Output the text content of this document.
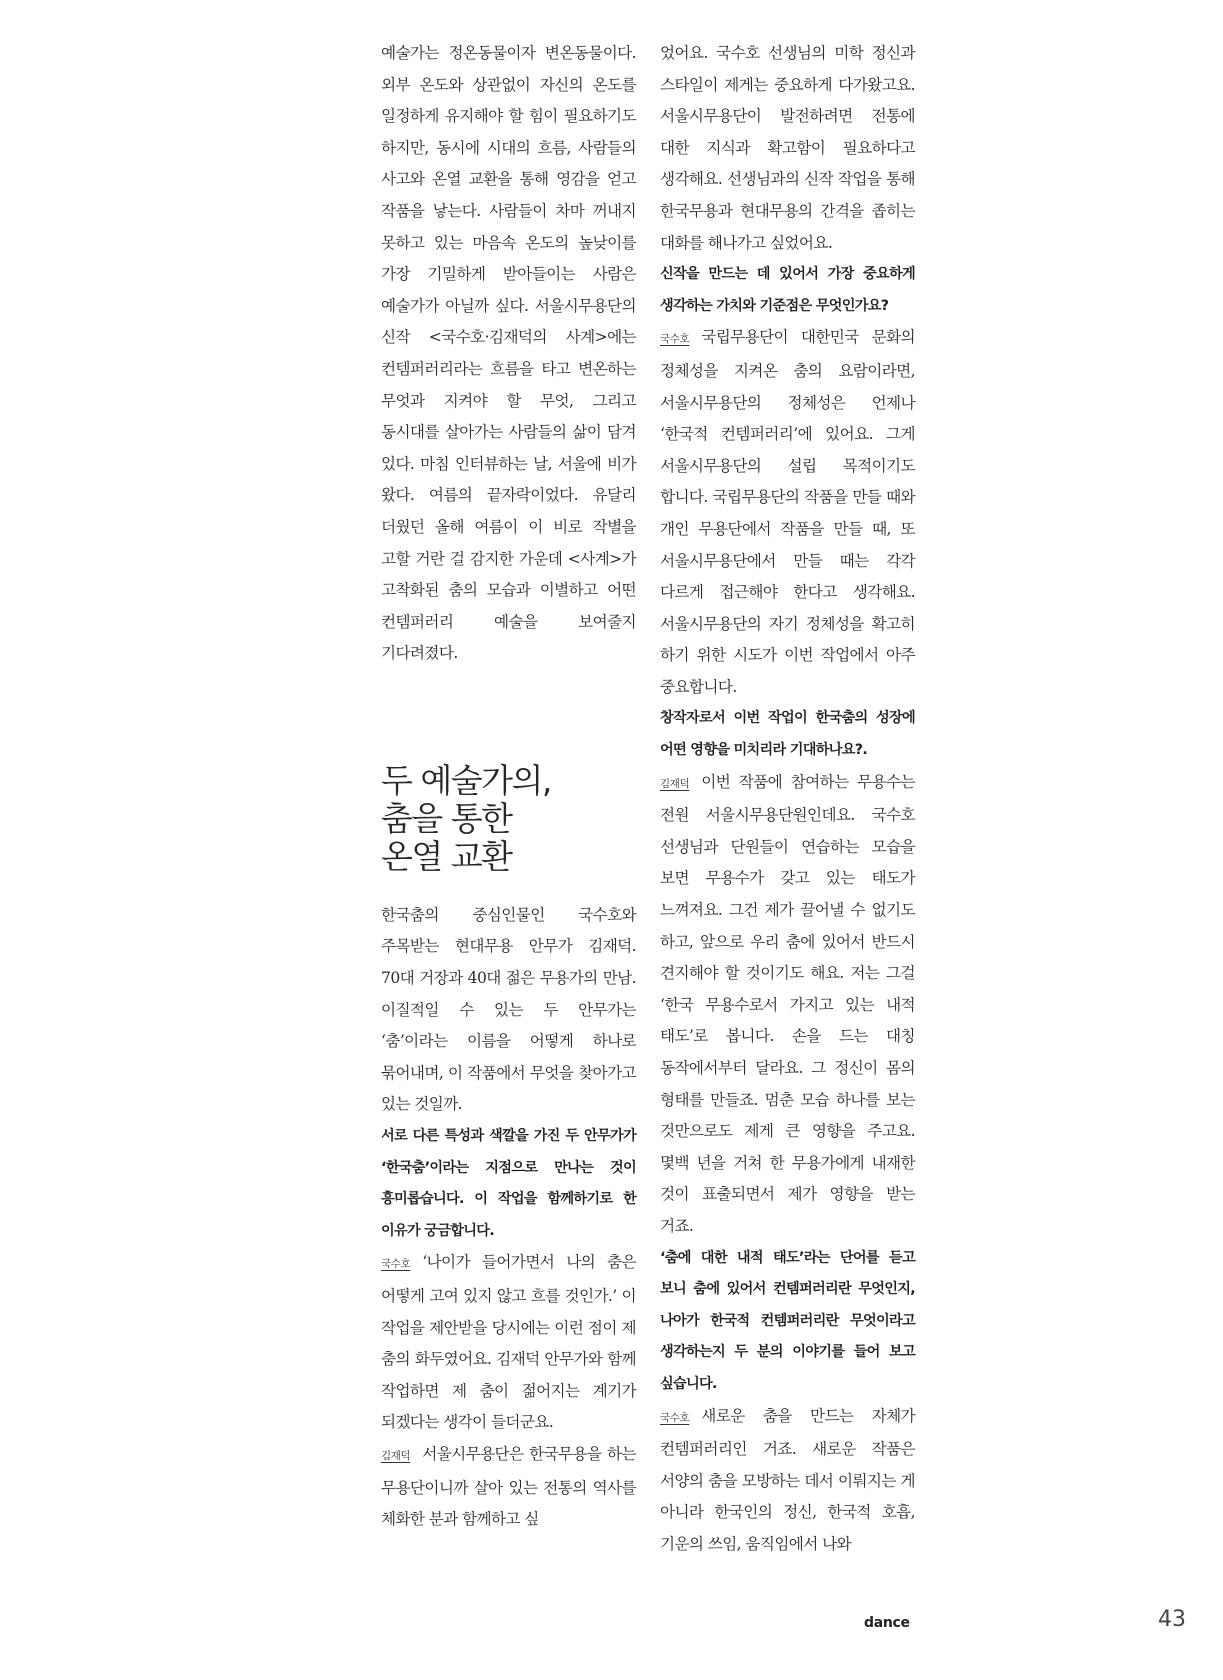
예술가는 정온동물이자 변온동물이다. 외부 온도와 상관없이 자신의 온도를 일정하게 유지해야 할 힘이 필요하기도 하지만, 동시에 시대의 흐름, 사람들의 사고와 온열 교환을 통해 영감을 얻고 작품을 낳는다. 사람들이 차마 꺼내지 못하고 있는 마음속 온도의 높낮이를 가장 기밀하게 받아들이는 사람은 예술가가 아닐까 싶다. 서울시무용단의 신작 <국수호·김재덕의 사계>에는 컨템퍼러리라는 흐름을 타고 변온하는 무엇과 지켜야 할 무엇, 그리고 동시대를 살아가는 사람들의 삶이 담겨 있다. 마침 인터뷰하는 날, 서울에 비가 왔다. 여름의 끝자락이었다. 유달리 더웠던 올해 여름이 이 비로 작별을 고할 거란 걸 감지한 가운데 <사계>가 고착화된 춤의 모습과 이별하고 어떤 컨템퍼러리 예술을 보여줄지 기다려졌다.

두 예술가의,
춤을 통한
온열 교환

한국춤의 중심인물인 국수호와 주목받는 현대무용 안무가 김재덕. 70대 거장과 40대 젊은 무용가의 만남. 이질적일 수 있는 두 안무가는 ‘춤’이라는 이름을 어떻게 하나로 묶어내며, 이 작품에서 무엇을 찾아가고 있는 것일까.

서로 다른 특성과 색깔을 가진 두 안무가가 ‘한국춤’이라는 지점으로 만나는 것이 흥미롭습니다. 이 작업을 함께하기로 한 이유가 궁금합니다.

국수호 ‘나이가 들어가면서 나의 춤은 어떻게 고여 있지 않고 흐를 것인가.’ 이 작업을 제안받을 당시에는 이런 점이 제 춤의 화두였어요. 김재덕 안무가와 함께 작업하면 제 춤이 젊어지는 계기가 되겠다는 생각이 들더군요.

김재덕 서울시무용단은 한국무용을 하는 무용단이니까 살아 있는 전통의 역사를 체화한 분과 함께하고 싶

었어요. 국수호 선생님의 미학 정신과 스타일이 제게는 중요하게 다가왔고요. 서울시무용단이 발전하려면 전통에 대한 지식과 확고함이 필요하다고 생각해요. 선생님과의 신작 작업을 통해 한국무용과 현대무용의 간격을 좁히는 대화를 해나가고 싶었어요.

신작을 만드는 데 있어서 가장 중요하게 생각하는 가치와 기준점은 무엇인가요?

국수호 국립무용단이 대한민국 문화의 정체성을 지켜온 춤의 요람이라면, 서울시무용단의 정체성은 언제나 ‘한국적 컨템퍼러리’에 있어요. 그게 서울시무용단의 설립 목적이기도 합니다. 국립무용단의 작품을 만들 때와 개인 무용단에서 작품을 만들 때, 또 서울시무용단에서 만들 때는 각각 다르게 접근해야 한다고 생각해요. 서울시무용단의 자기 정체성을 확고히 하기 위한 시도가 이번 작업에서 아주 중요합니다.

창작자로서 이번 작업이 한국춤의 성장에 어떤 영향을 미치리라 기대하나요?.

김재덕 이번 작품에 참여하는 무용수는 전원 서울시무용단원인데요. 국수호 선생님과 단원들이 연습하는 모습을 보면 무용수가 갖고 있는 태도가 느껴져요. 그건 제가 끌어낼 수 없기도 하고, 앞으로 우리 춤에 있어서 반드시 견지해야 할 것이기도 해요. 저는 그걸 ‘한국 무용수로서 가지고 있는 내적 태도’로 봅니다. 손을 드는 대칭 동작에서부터 달라요. 그 정신이 몸의 형태를 만들죠. 멈춘 모습 하나를 보는 것만으로도 제게 큰 영향을 주고요. 몇백 년을 거쳐 한 무용가에게 내재한 것이 표출되면서 제가 영향을 받는 거죠.

‘춤에 대한 내적 태도’라는 단어를 듣고 보니 춤에 있어서 컨템퍼러리란 무엇인지, 나아가 한국적 컨템퍼러리란 무엇이라고 생각하는지 두 분의 이야기를 들어 보고 싶습니다.

국수호 새로운 춤을 만드는 자체가 컨템퍼러리인 거죠. 새로운 작품은 서양의 춤을 모방하는 데서 이뤄지는 게 아니라 한국인의 정신, 한국적 호흡, 기운의 쓰임, 움직임에서 나와

dance	43
